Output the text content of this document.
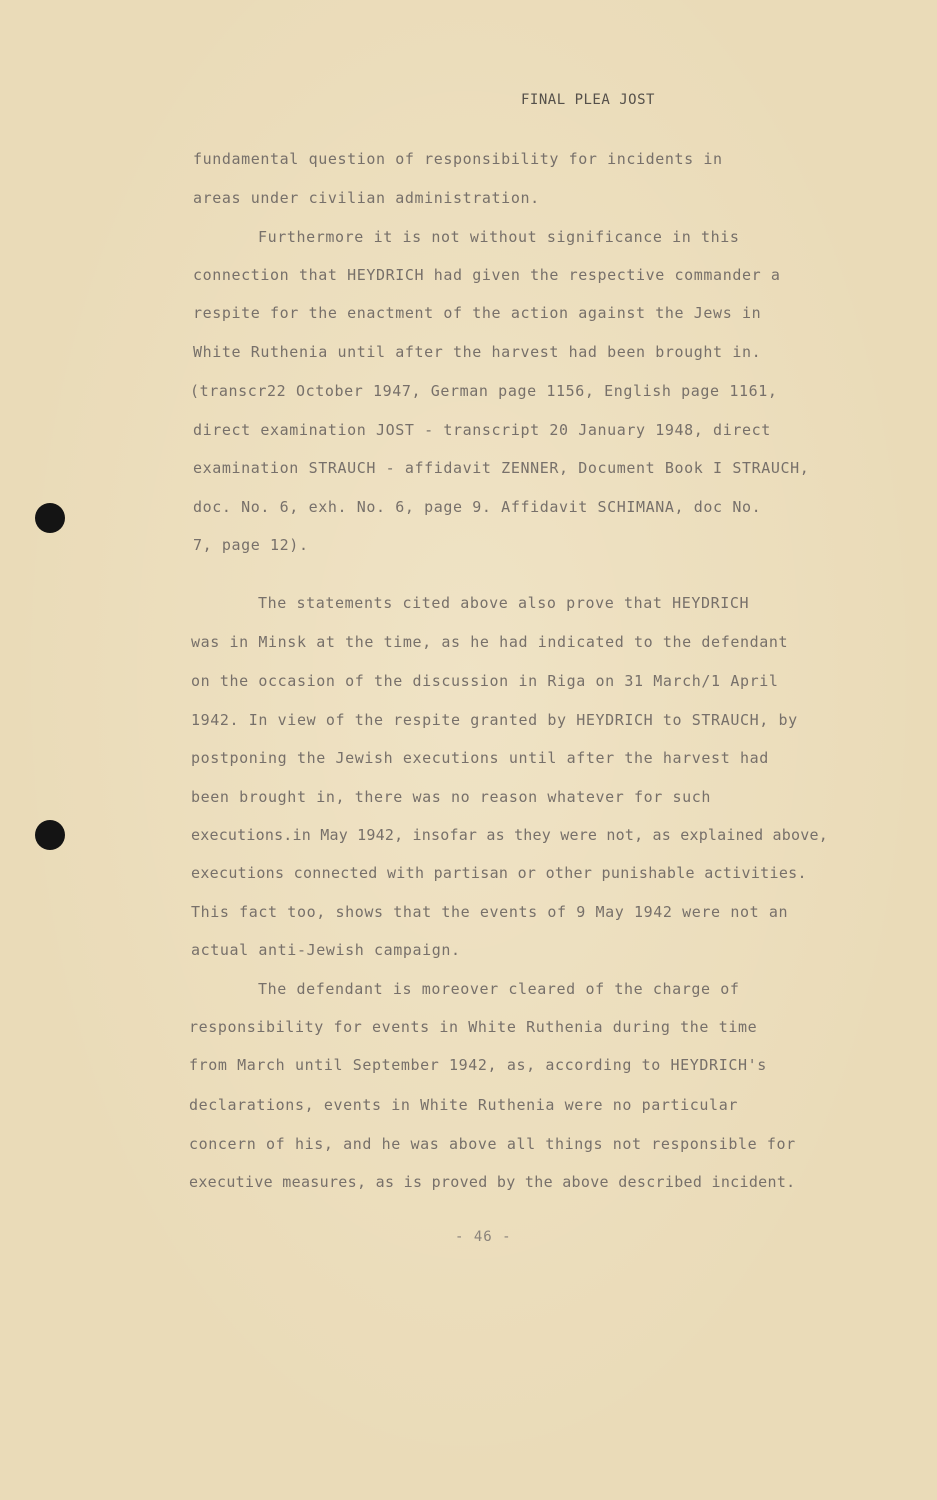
FINAL PLEA JOST
fundamental question of responsibility for incidents in
areas under civilian administration.
Furthermore it is not without significance in this
connection that HEYDRICH had given the respective commander a
respite for the enactment of the action against the Jews in
White Ruthenia until after the harvest had been brought in.
(transcr22 October 1947, German page 1156, English page 1161,
direct examination JOST - transcript 20 January 1948, direct
examination STRAUCH - affidavit ZENNER, Document Book I STRAUCH,
doc. No. 6, exh. No. 6, page 9. Affidavit SCHIMANA, doc No.
7, page 12).
The statements cited above also prove that HEYDRICH
was in Minsk at the time, as he had indicated to the defendant
on the occasion of the discussion in Riga on 31 March/1 April
1942. In view of the respite granted by HEYDRICH to STRAUCH, by
postponing the Jewish executions until after the harvest had
been brought in, there was no reason whatever for such
executions.in May 1942, insofar as they were not, as explained above,
executions connected with partisan or other punishable activities.
This fact too, shows that the events of 9 May 1942 were not an
actual anti-Jewish campaign.
The defendant is moreover cleared of the charge of
responsibility for events in White Ruthenia during the time
from March until September 1942, as, according to HEYDRICH's
declarations, events in White Ruthenia were no particular
concern of his, and he was above all things not responsible for
executive measures, as is proved by the above described incident.
- 46 -
